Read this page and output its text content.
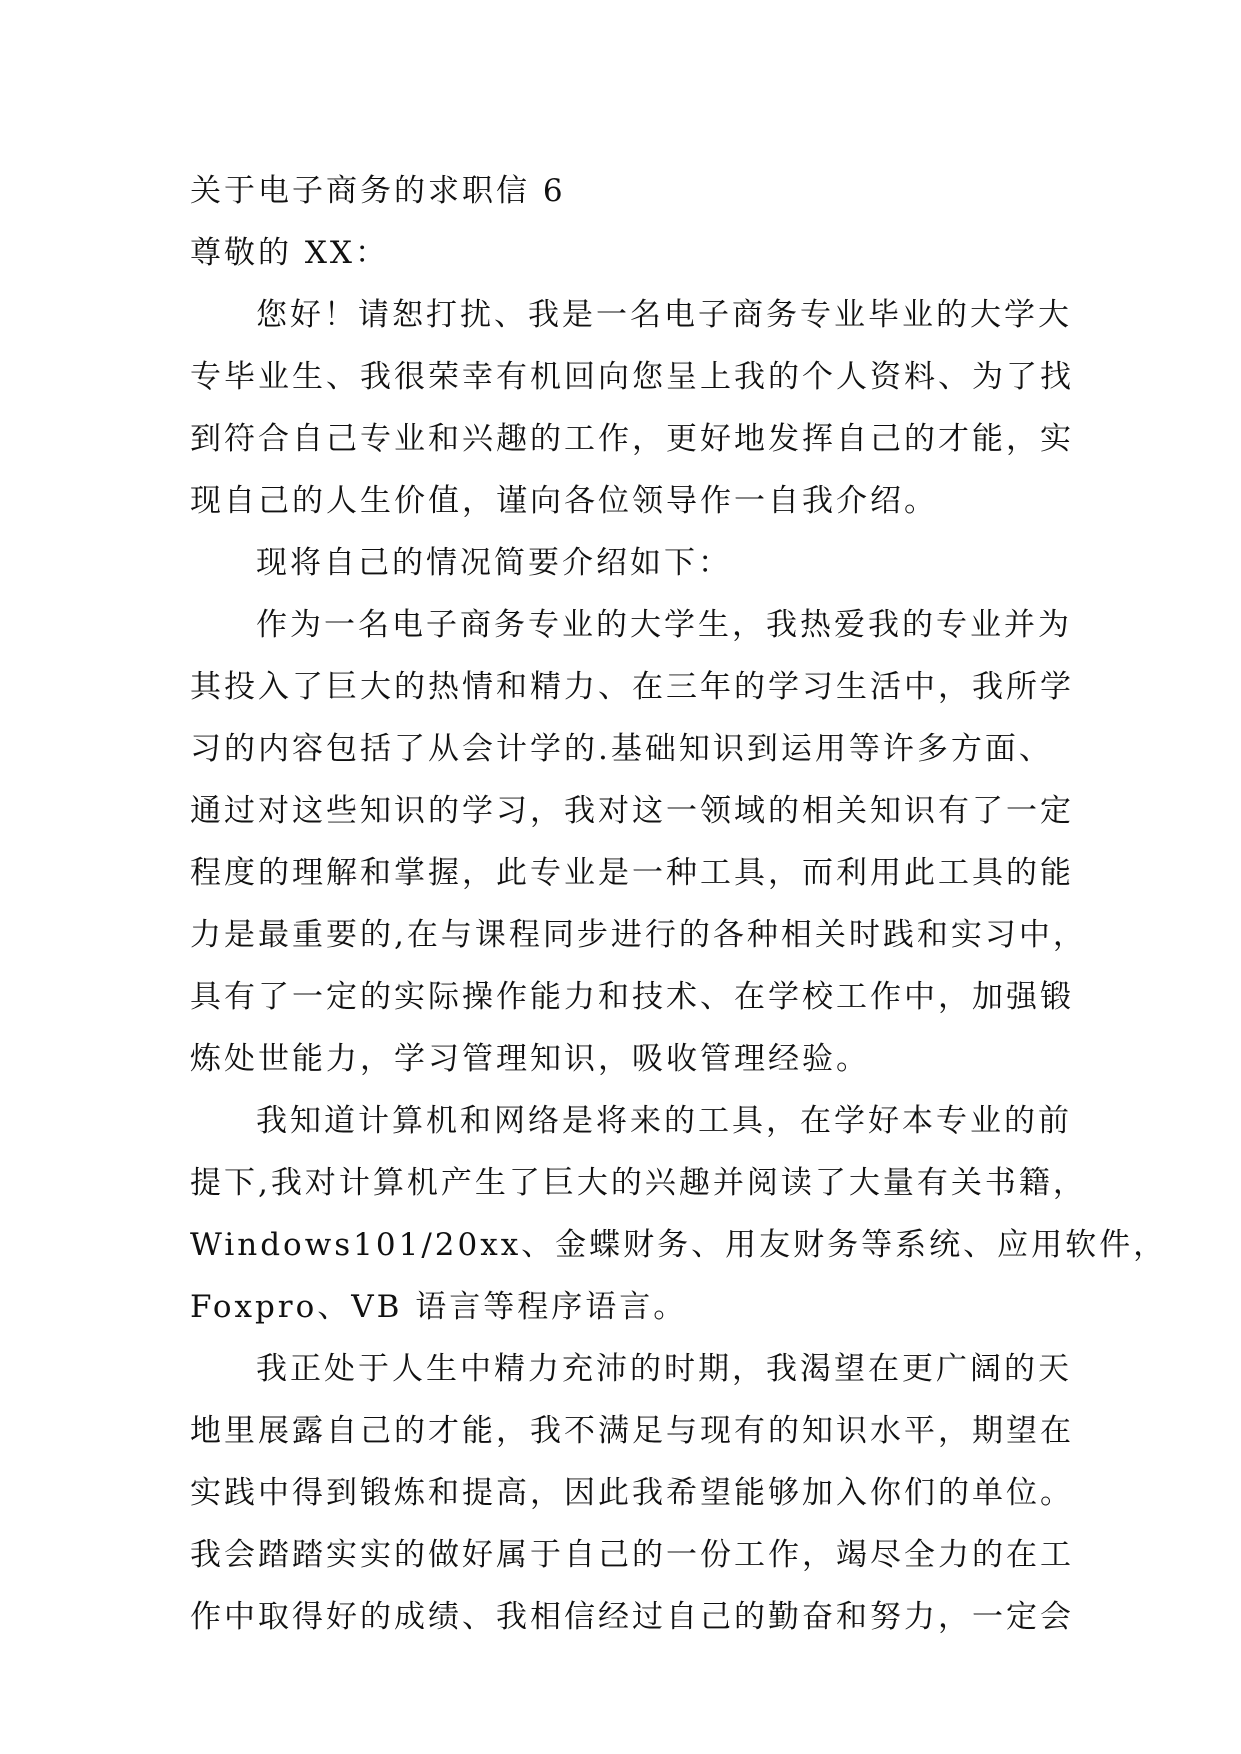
关于电子商务的求职信 6
尊敬的 XX：
您好！请恕打扰、我是一名电子商务专业毕业的大学大
专毕业生、我很荣幸有机回向您呈上我的个人资料、为了找
到符合自己专业和兴趣的工作，更好地发挥自己的才能，实
现自己的人生价值，谨向各位领导作一自我介绍。
现将自己的情况简要介绍如下：
作为一名电子商务专业的大学生，我热爱我的专业并为
其投入了巨大的热情和精力、在三年的学习生活中，我所学
习的内容包括了从会计学的.基础知识到运用等许多方面、
通过对这些知识的学习，我对这一领域的相关知识有了一定
程度的理解和掌握，此专业是一种工具，而利用此工具的能
力是最重要的,在与课程同步进行的各种相关时践和实习中，
具有了一定的实际操作能力和技术、在学校工作中，加强锻
炼处世能力，学习管理知识，吸收管理经验。
我知道计算机和网络是将来的工具，在学好本专业的前
提下,我对计算机产生了巨大的兴趣并阅读了大量有关书籍，
Windows101/20xx、金蝶财务、用友财务等系统、应用软件，
Foxpro、VB 语言等程序语言。
我正处于人生中精力充沛的时期，我渴望在更广阔的天
地里展露自己的才能，我不满足与现有的知识水平，期望在
实践中得到锻炼和提高，因此我希望能够加入你们的单位。
我会踏踏实实的做好属于自己的一份工作，竭尽全力的在工
作中取得好的成绩、我相信经过自己的勤奋和努力，一定会
